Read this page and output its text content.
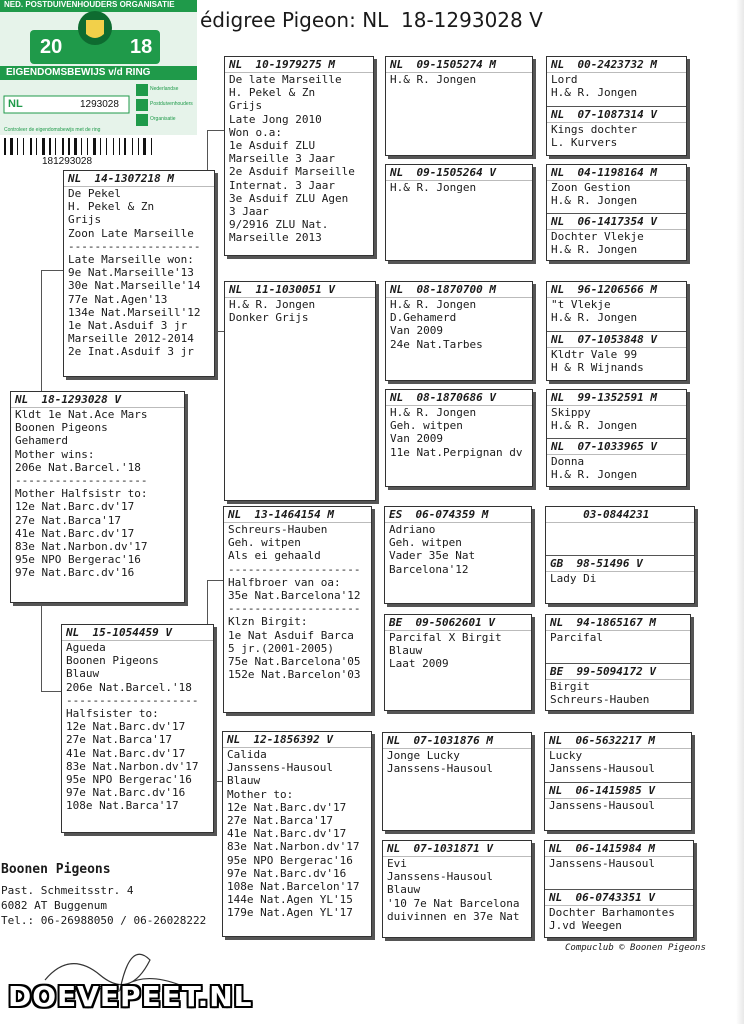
NED. POSTDUIVENHOUDERS ORGANISATIE
20	18
EIGENDOMSBEWIJS v/d RING
NL	1293028
Nederlandse
Postduivenhouders
Organisatie
Controleer de eigendomsbewijs met de ring
181293028
édigree Pigeon: NL  18-1293028 V
NL  18-1293028 V
Kldt 1e Nat.Ace Mars
Boonen Pigeons
Gehamerd
Mother wins:
206e Nat.Barcel.'18
--------------------
Mother Halfsistr to:
12e Nat.Barc.dv'17
27e Nat.Barca'17
41e Nat.Barc.dv'17
83e Nat.Narbon.dv'17
95e NPO Bergerac'16
97e Nat.Barc.dv'16
NL  14-1307218 M
De Pekel
H. Pekel & Zn
Grijs
Zoon Late Marseille
--------------------
Late Marseille won:
9e Nat.Marseille'13
30e Nat.Marseille'14
77e Nat.Agen'13
134e Nat.Marseill'12
1e Nat.Asduif 3 jr
Marseille 2012-2014
2e Inat.Asduif 3 jr
NL  15-1054459 V
Agueda
Boonen Pigeons
Blauw
206e Nat.Barcel.'18
--------------------
Halfsister to:
12e Nat.Barc.dv'17
27e Nat.Barca'17
41e Nat.Barc.dv'17
83e Nat.Narbon.dv'17
95e NPO Bergerac'16
97e Nat.Barc.dv'16
108e Nat.Barca'17
NL  10-1979275 M
De late Marseille
H. Pekel & Zn
Grijs
Late Jong 2010
Won o.a:
1e Asduif ZLU
Marseille 3 Jaar
2e Asduif Marseille
Internat. 3 Jaar
3e Asduif ZLU Agen
3 Jaar
9/2916 ZLU Nat.
Marseille 2013
NL  11-1030051 V
H.& R. Jongen
Donker Grijs
NL  13-1464154 M
Schreurs-Hauben
Geh. witpen
Als ei gehaald
--------------------
Halfbroer van oa:
35e Nat.Barcelona'12
--------------------
Klzn Birgit:
1e Nat Asduif Barca
5 jr.(2001-2005)
75e Nat.Barcelona'05
152e Nat.Barcelon'03
NL  12-1856392 V
Calida
Janssens-Hausoul
Blauw
Mother to:
12e Nat.Barc.dv'17
27e Nat.Barca'17
41e Nat.Barc.dv'17
83e Nat.Narbon.dv'17
95e NPO Bergerac'16
97e Nat.Barc.dv'16
108e Nat.Barcelon'17
144e Nat.Agen YL'15
179e Nat.Agen YL'17
NL  09-1505274 M
H.& R. Jongen
NL  09-1505264 V
H.& R. Jongen
NL  08-1870700 M
H.& R. Jongen
D.Gehamerd
Van 2009
24e Nat.Tarbes
NL  08-1870686 V
H.& R. Jongen
Geh. witpen
Van 2009
11e Nat.Perpignan dv
ES  06-074359 M
Adriano
Geh. witpen
Vader 35e Nat
Barcelona'12
BE  09-5062601 V
Parcifal X Birgit
Blauw
Laat 2009
NL  07-1031876 M
Jonge Lucky
Janssens-Hausoul
NL  07-1031871 V
Evi
Janssens-Hausoul
Blauw
'10 7e Nat Barcelona
duivinnen en 37e Nat
NL  00-2423732 M
Lord
H.& R. Jongen
NL  07-1087314 V
Kings dochter
L. Kurvers
NL  04-1198164 M
Zoon Gestion
H.& R. Jongen
NL  06-1417354 V
Dochter Vlekje
H.& R. Jongen
NL  96-1206566 M
"t Vlekje
H.& R. Jongen
NL  07-1053848 V
Kldtr Vale 99
H & R Wijnands
NL  99-1352591 M
Skippy
H.& R. Jongen
NL  07-1033965 V
Donna
H.& R. Jongen
03-0844231
GB  98-51496 V
Lady Di
NL  94-1865167 M
Parcifal
BE  99-5094172 V
Birgit
Schreurs-Hauben
NL  06-5632217 M
Lucky
Janssens-Hausoul
NL  06-1415985 V
Janssens-Hausoul
NL  06-1415984 M
Janssens-Hausoul
NL  06-0743351 V
Dochter Barhamontes
J.vd Weegen
Boonen Pigeons
Past. Schmeitsstr. 4
6082 AT Buggenum
Tel.: 06-26988050 / 06-26028222
Compuclub © Boonen Pigeons
DOEVEPEET.NL
